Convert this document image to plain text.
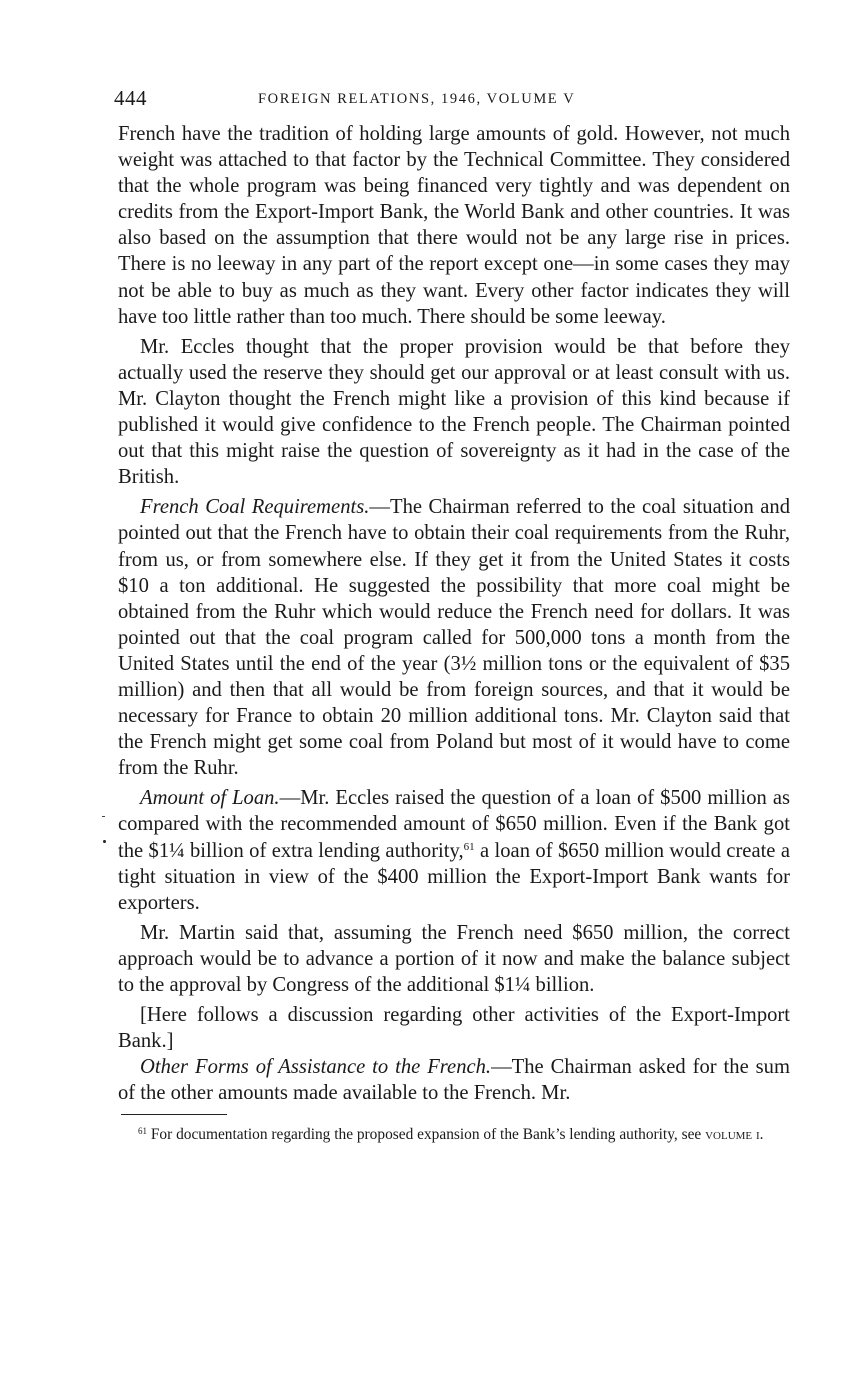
444	FOREIGN RELATIONS, 1946, VOLUME V

French have the tradition of holding large amounts of gold. However, not much weight was attached to that factor by the Technical Committee. They considered that the whole program was being financed very tightly and was dependent on credits from the Export-Import Bank, the World Bank and other countries. It was also based on the assumption that there would not be any large rise in prices. There is no leeway in any part of the report except one—in some cases they may not be able to buy as much as they want. Every other factor indicates they will have too little rather than too much. There should be some leeway.

Mr. Eccles thought that the proper provision would be that before they actually used the reserve they should get our approval or at least consult with us. Mr. Clayton thought the French might like a provision of this kind because if published it would give confidence to the French people. The Chairman pointed out that this might raise the question of sovereignty as it had in the case of the British.

French Coal Requirements.—The Chairman referred to the coal situation and pointed out that the French have to obtain their coal requirements from the Ruhr, from us, or from somewhere else. If they get it from the United States it costs $10 a ton additional. He suggested the possibility that more coal might be obtained from the Ruhr which would reduce the French need for dollars. It was pointed out that the coal program called for 500,000 tons a month from the United States until the end of the year (3½ million tons or the equivalent of $35 million) and then that all would be from foreign sources, and that it would be necessary for France to obtain 20 million additional tons. Mr. Clayton said that the French might get some coal from Poland but most of it would have to come from the Ruhr.

Amount of Loan.—Mr. Eccles raised the question of a loan of $500 million as compared with the recommended amount of $650 million. Even if the Bank got the $1¼ billion of extra lending authority,$^{61}$ a loan of $650 million would create a tight situation in view of the $400 million the Export-Import Bank wants for exporters.

Mr. Martin said that, assuming the French need $650 million, the correct approach would be to advance a portion of it now and make the balance subject to the approval by Congress of the additional $1¼ billion.

[Here follows a discussion regarding other activities of the Export-Import Bank.]

Other Forms of Assistance to the French.—The Chairman asked for the sum of the other amounts made available to the French. Mr.

$^{61}$ For documentation regarding the proposed expansion of the Bank’s lending authority, see volume i.
